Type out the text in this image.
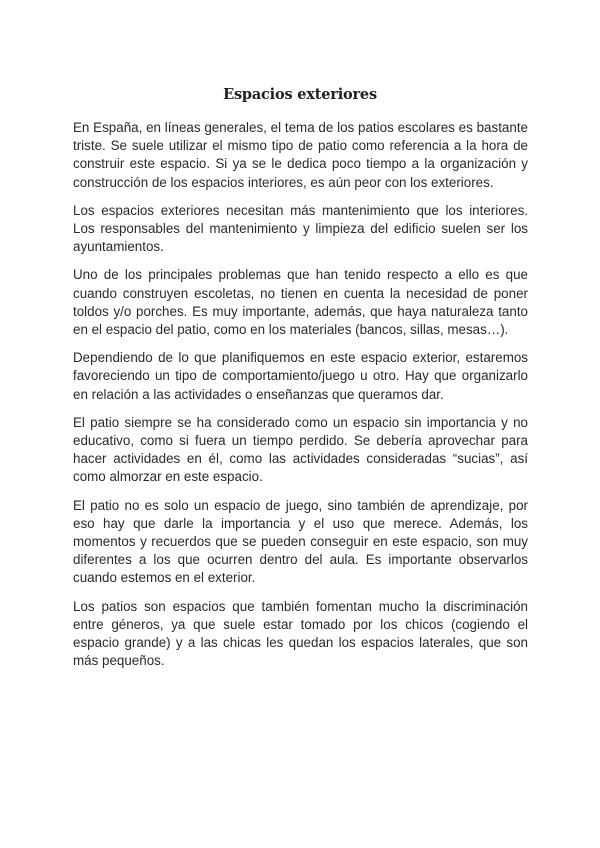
Espacios exteriores

En España, en líneas generales, el tema de los patios escolares es bastante triste. Se suele utilizar el mismo tipo de patio como referencia a la hora de construir este espacio. Si ya se le dedica poco tiempo a la organización y construcción de los espacios interiores, es aún peor con los exteriores.

Los espacios exteriores necesitan más mantenimiento que los interiores. Los responsables del mantenimiento y limpieza del edificio suelen ser los ayuntamientos.

Uno de los principales problemas que han tenido respecto a ello es que cuando construyen escoletas, no tienen en cuenta la necesidad de poner toldos y/o porches. Es muy importante, además, que haya naturaleza tanto en el espacio del patio, como en los materiales (bancos, sillas, mesas…).

Dependiendo de lo que planifiquemos en este espacio exterior, estaremos favoreciendo un tipo de comportamiento/juego u otro. Hay que organizarlo en relación a las actividades o enseñanzas que queramos dar.

El patio siempre se ha considerado como un espacio sin importancia y no educativo, como si fuera un tiempo perdido. Se debería aprovechar para hacer actividades en él, como las actividades consideradas “sucias”, así como almorzar en este espacio.

El patio no es solo un espacio de juego, sino también de aprendizaje, por eso hay que darle la importancia y el uso que merece. Además, los momentos y recuerdos que se pueden conseguir en este espacio, son muy diferentes a los que ocurren dentro del aula. Es importante observarlos cuando estemos en el exterior.

Los patios son espacios que también fomentan mucho la discriminación entre géneros, ya que suele estar tomado por los chicos (cogiendo el espacio grande) y a las chicas les quedan los espacios laterales, que son más pequeños.
